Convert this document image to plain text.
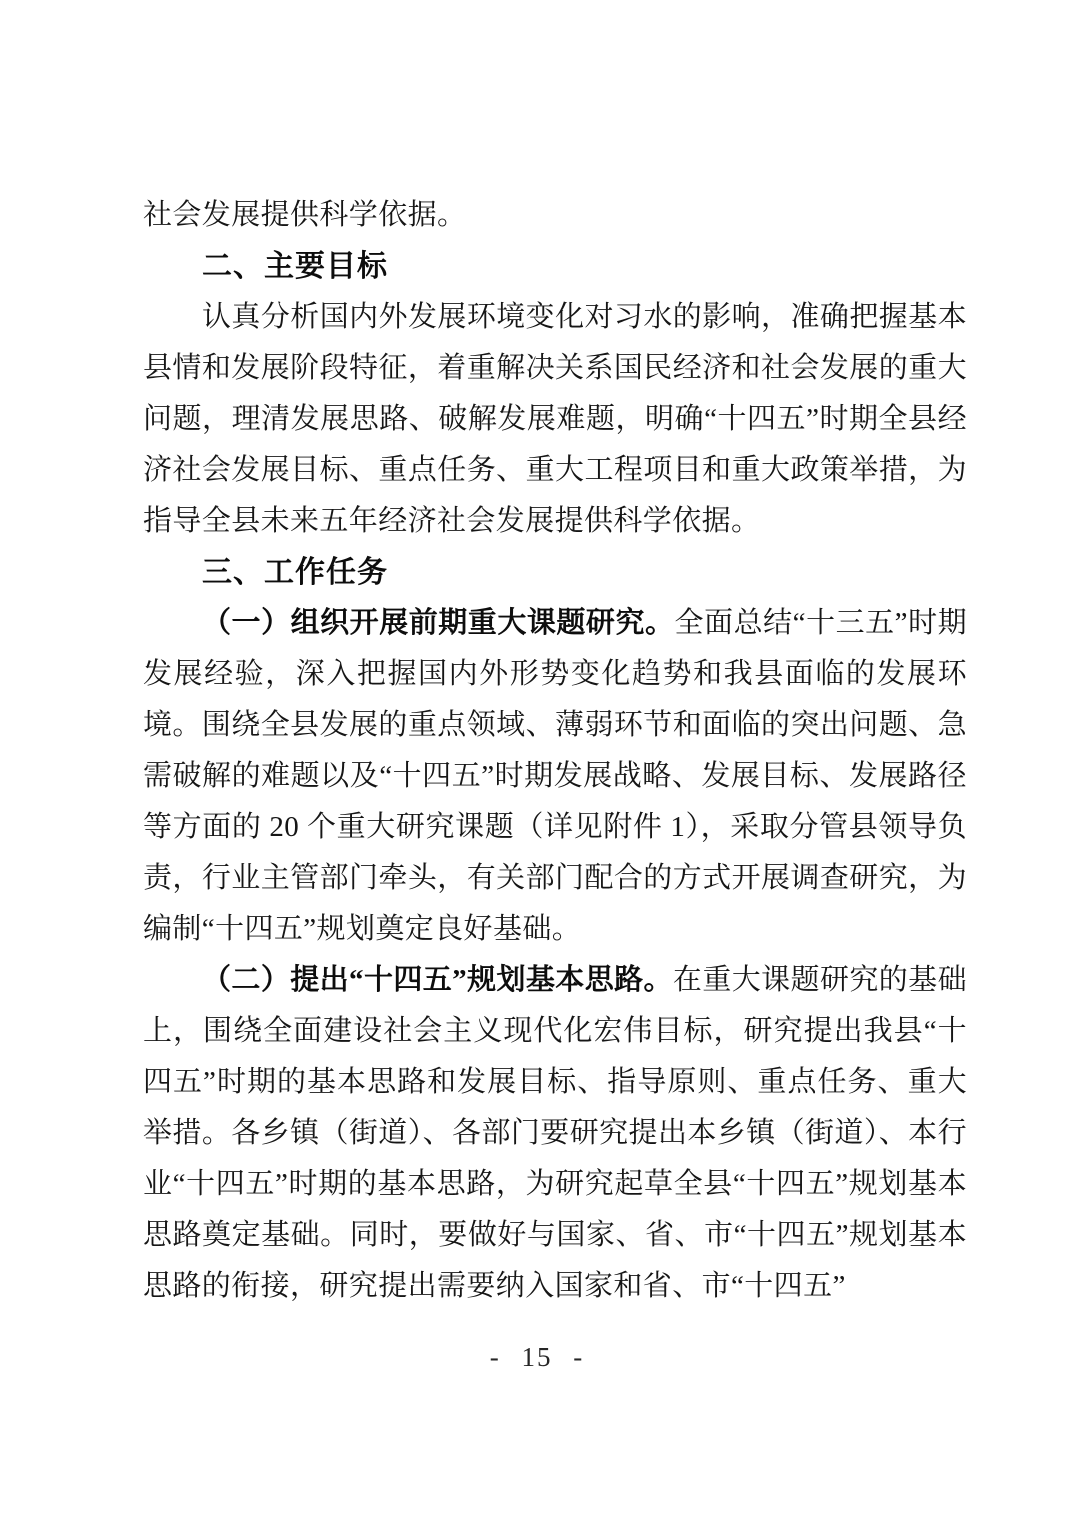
社会发展提供科学依据。

二、主要目标

认真分析国内外发展环境变化对习水的影响，准确把握基本县情和发展阶段特征，着重解决关系国民经济和社会发展的重大问题，理清发展思路、破解发展难题，明确“十四五”时期全县经济社会发展目标、重点任务、重大工程项目和重大政策举措，为指导全县未来五年经济社会发展提供科学依据。

三、工作任务

（一）组织开展前期重大课题研究。全面总结“十三五”时期发展经验，深入把握国内外形势变化趋势和我县面临的发展环境。围绕全县发展的重点领域、薄弱环节和面临的突出问题、急需破解的难题以及“十四五”时期发展战略、发展目标、发展路径等方面的 20 个重大研究课题（详见附件 1），采取分管县领导负责，行业主管部门牵头，有关部门配合的方式开展调查研究，为编制“十四五”规划奠定良好基础。

（二）提出“十四五”规划基本思路。在重大课题研究的基础上，围绕全面建设社会主义现代化宏伟目标，研究提出我县“十四五”时期的基本思路和发展目标、指导原则、重点任务、重大举措。各乡镇（街道）、各部门要研究提出本乡镇（街道）、本行业“十四五”时期的基本思路，为研究起草全县“十四五”规划基本思路奠定基础。同时，要做好与国家、省、市“十四五”规划基本思路的衔接，研究提出需要纳入国家和省、市“十四五”

- 15 -
